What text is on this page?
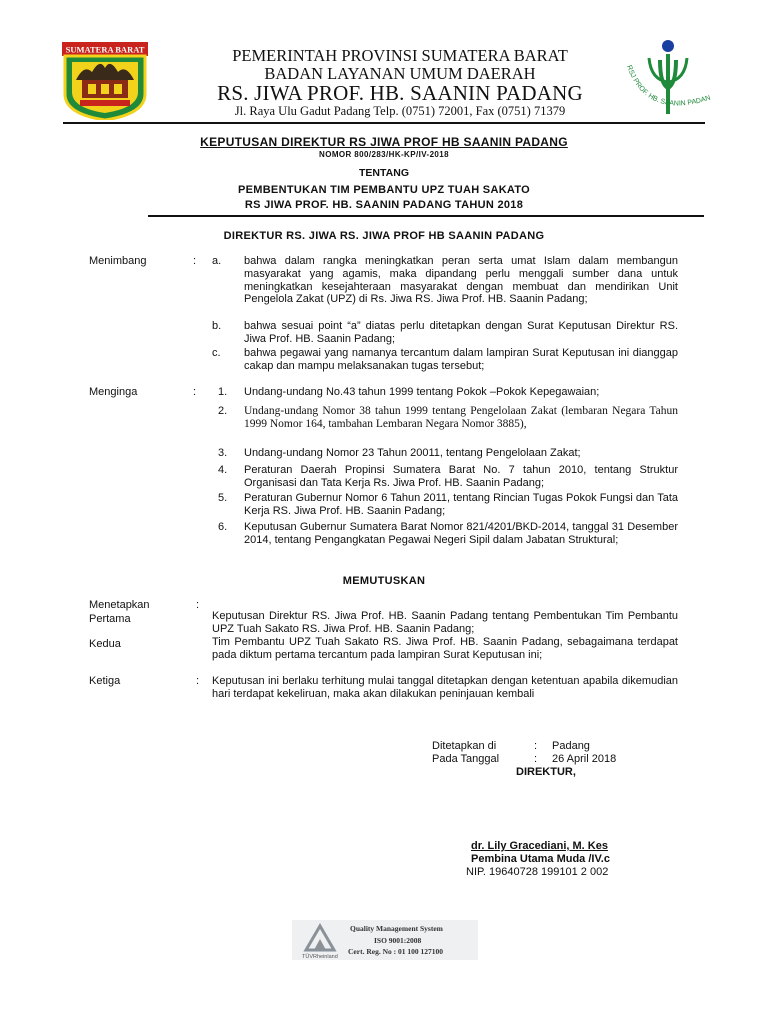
SUMATERA BARAT	PEMERINTAH PROVINSI SUMATERA BARAT
BADAN LAYANAN UMUM DAERAH
RS. JIWA PROF. HB. SAANIN PADANG
Jl. Raya Ulu Gadut Padang Telp. (0751) 72001, Fax (0751) 71379
RSJ PROF. HB. SAANIN PADAN
KEPUTUSAN DIREKTUR RS JIWA PROF HB SAANIN PADANG
NOMOR 800/283/HK-KP/IV-2018
TENTANG
PEMBENTUKAN TIM PEMBANTU UPZ TUAH SAKATO
RS JIWA PROF. HB. SAANIN PADANG TAHUN 2018
DIREKTUR RS. JIWA RS. JIWA PROF HB SAANIN PADANG
Menimbang	: a. bahwa dalam rangka meningkatkan peran serta umat Islam dalam membangun masyarakat yang agamis, maka dipandang perlu menggali sumber dana untuk meningkatkan kesejahteraan masyarakat dengan membuat dan mendirikan Unit Pengelola Zakat (UPZ) di Rs. Jiwa RS. Jiwa Prof. HB. Saanin Padang;
b. bahwa sesuai point “a” diatas perlu ditetapkan dengan Surat Keputusan Direktur RS. Jiwa Prof. HB. Saanin Padang;
c. bahwa pegawai yang namanya tercantum dalam lampiran Surat Keputusan ini dianggap cakap dan mampu melaksanakan tugas tersebut;
Menginga	: 1. Undang-undang No.43 tahun 1999 tentang Pokok –Pokok Kepegawaian;
2. Undang-undang Nomor 38 tahun 1999 tentang Pengelolaan Zakat (lembaran Negara Tahun 1999 Nomor 164, tambahan Lembaran Negara Nomor 3885),
3. Undang-undang Nomor 23 Tahun 20011, tentang Pengelolaan Zakat;
4. Peraturan Daerah Propinsi Sumatera Barat No. 7 tahun 2010, tentang Struktur Organisasi dan Tata Kerja Rs. Jiwa Prof. HB. Saanin Padang;
5. Peraturan Gubernur Nomor 6 Tahun 2011, tentang Rincian Tugas Pokok Fungsi dan Tata Kerja RS. Jiwa Prof. HB. Saanin Padang;
6. Keputusan Gubernur Sumatera Barat Nomor 821/4201/BKD-2014, tanggal 31 Desember 2014, tentang Pengangkatan Pegawai Negeri Sipil dalam Jabatan Struktural;
MEMUTUSKAN
Menetapkan	:
Pertama	Keputusan Direktur RS. Jiwa Prof. HB. Saanin Padang tentang Pembentukan Tim Pembantu UPZ Tuah Sakato RS. Jiwa Prof. HB. Saanin Padang;
Kedua	Tim Pembantu UPZ Tuah Sakato RS. Jiwa Prof. HB. Saanin Padang, sebagaimana terdapat pada diktum pertama tercantum pada lampiran Surat Keputusan ini;
Ketiga	: Keputusan ini berlaku terhitung mulai tanggal ditetapkan dengan ketentuan apabila dikemudian hari terdapat kekeliruan, maka akan dilakukan peninjauan kembali
Ditetapkan di	: Padang
Pada Tanggal	: 26 April 2018
DIREKTUR,
dr. Lily Gracediani, M. Kes
Pembina Utama Muda /IV.c
NIP. 19640728 199101 2 002
TÜVRheinland
Quality Management System
ISO 9001:2008
Cert. Reg. No : 01 100 127100
